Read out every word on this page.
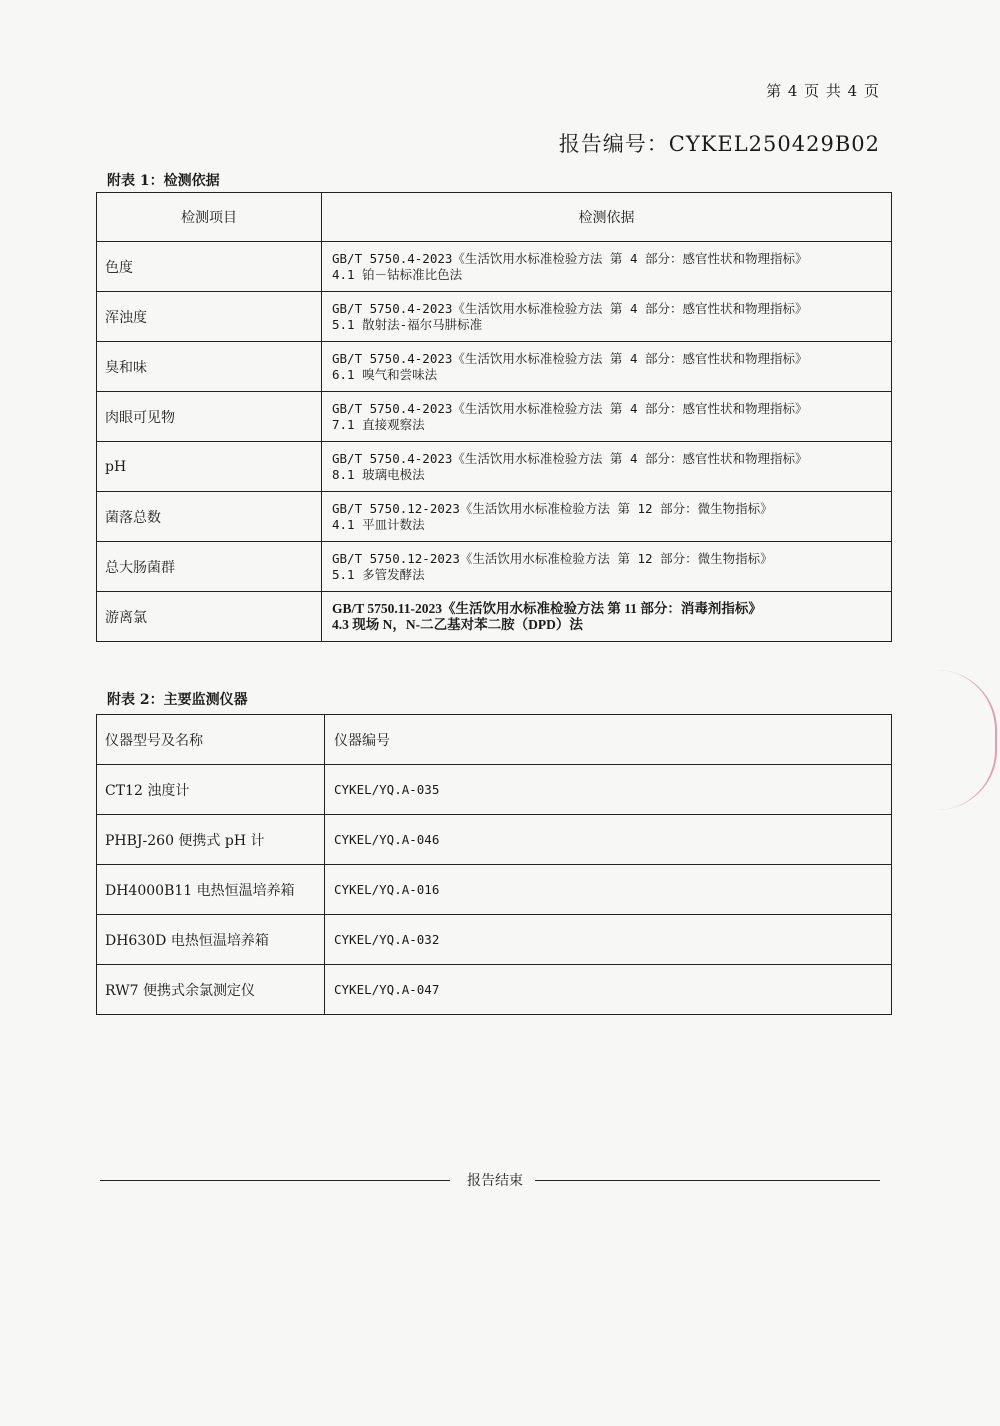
第 4 页 共 4 页
报告编号：CYKEL250429B02
附表 1：检测依据
检测项目	检测依据
色度	GB/T 5750.4-2023《生活饮用水标准检验方法 第 4 部分：感官性状和物理指标》
4.1 铂－钴标准比色法

浑浊度	GB/T 5750.4-2023《生活饮用水标准检验方法 第 4 部分：感官性状和物理指标》
5.1 散射法-福尔马肼标准

臭和味	GB/T 5750.4-2023《生活饮用水标准检验方法 第 4 部分：感官性状和物理指标》
6.1 嗅气和尝味法

肉眼可见物	GB/T 5750.4-2023《生活饮用水标准检验方法 第 4 部分：感官性状和物理指标》
7.1 直接观察法

pH	GB/T 5750.4-2023《生活饮用水标准检验方法 第 4 部分：感官性状和物理指标》
8.1 玻璃电极法

菌落总数	GB/T 5750.12-2023《生活饮用水标准检验方法 第 12 部分：微生物指标》
4.1 平皿计数法

总大肠菌群	GB/T 5750.12-2023《生活饮用水标准检验方法 第 12 部分：微生物指标》
5.1 多管发酵法

游离氯	GB/T 5750.11-2023《生活饮用水标准检验方法 第 11 部分：消毒剂指标》
4.3 现场 N，N-二乙基对苯二胺（DPD）法
附表 2：主要监测仪器
仪器型号及名称	仪器编号
CT12 浊度计	CYKEL/YQ.A-035
PHBJ-260 便携式 pH 计	CYKEL/YQ.A-046
DH4000B11 电热恒温培养箱	CYKEL/YQ.A-016
DH630D 电热恒温培养箱	CYKEL/YQ.A-032
RW7 便携式余氯测定仪	CYKEL/YQ.A-047
报告结束
